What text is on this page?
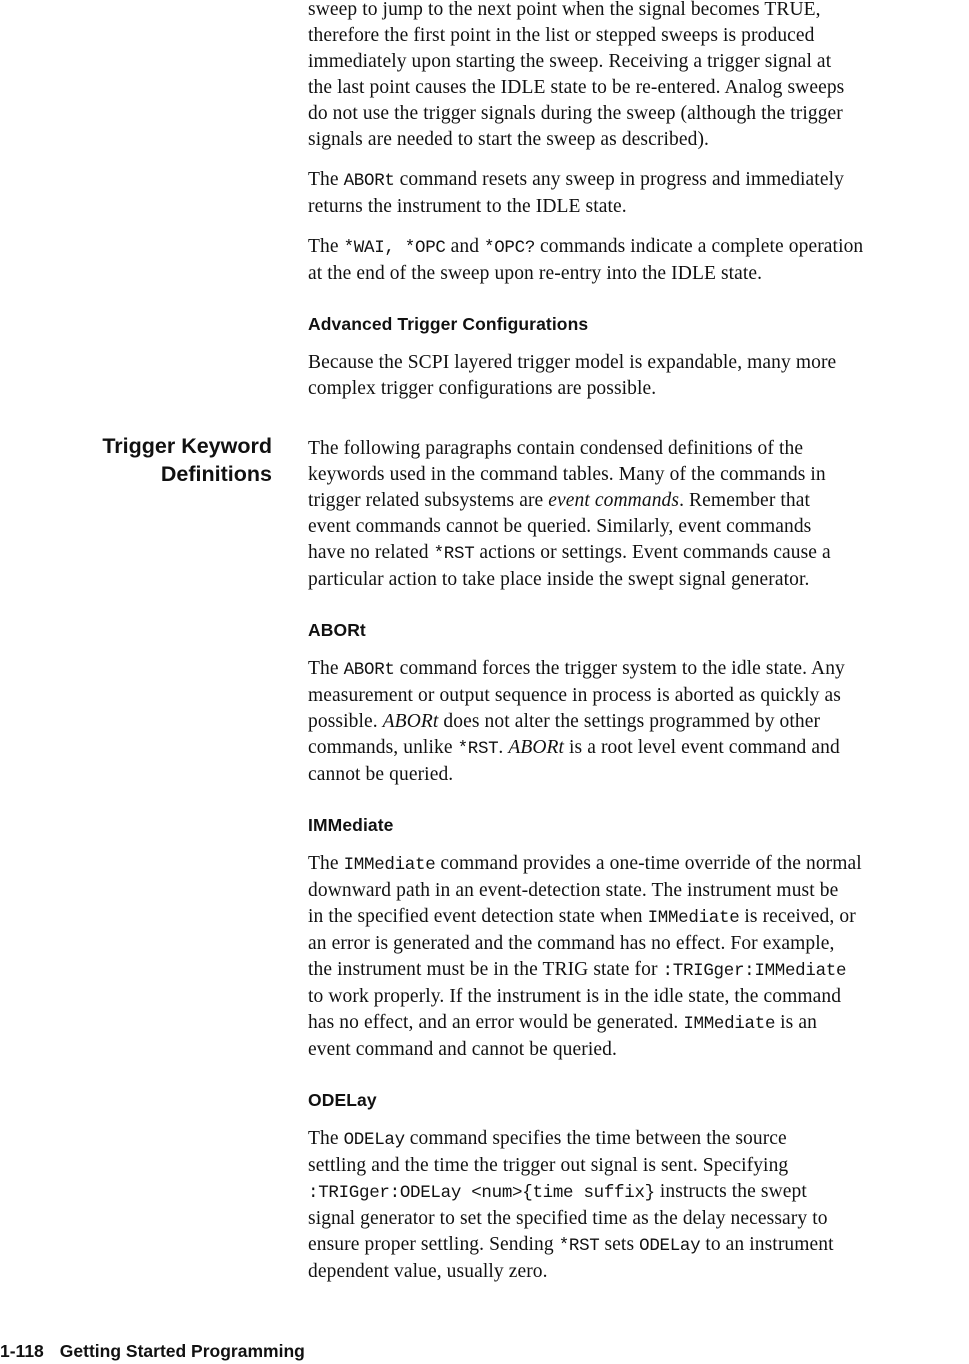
sweep to jump to the next point when the signal becomes TRUE,
therefore the first point in the list or stepped sweeps is produced
immediately upon starting the sweep. Receiving a trigger signal at
the last point causes the IDLE state to be re-entered. Analog sweeps
do not use the trigger signals during the sweep (although the trigger
signals are needed to start the sweep as described).
The ABORt command resets any sweep in progress and immediately
returns the instrument to the IDLE state.
The *WAI, *OPC and *OPC? commands indicate a complete operation
at the end of the sweep upon re-entry into the IDLE state.
Advanced Trigger Configurations
Because the SCPI layered trigger model is expandable, many more
complex trigger configurations are possible.
The following paragraphs contain condensed definitions of the
keywords used in the command tables. Many of the commands in
trigger related subsystems are event commands. Remember that
event commands cannot be queried. Similarly, event commands
have no related *RST actions or settings. Event commands cause a
particular action to take place inside the swept signal generator.
ABORt
The ABORt command forces the trigger system to the idle state. Any
measurement or output sequence in process is aborted as quickly as
possible. ABORt does not alter the settings programmed by other
commands, unlike *RST. ABORt is a root level event command and
cannot be queried.
IMMediate
The IMMediate command provides a one-time override of the normal
downward path in an event-detection state. The instrument must be
in the specified event detection state when IMMediate is received, or
an error is generated and the command has no effect. For example,
the instrument must be in the TRIG state for :TRIGger:IMMediate
to work properly. If the instrument is in the idle state, the command
has no effect, and an error would be generated. IMMediate is an
event command and cannot be queried.
ODELay
The ODELay command specifies the time between the source
settling and the time the trigger out signal is sent. Specifying
:TRIGger:ODELay <num>{time suffix} instructs the swept
signal generator to set the specified time as the delay necessary to
ensure proper settling. Sending *RST sets ODELay to an instrument
dependent value, usually zero.
Trigger Keyword
Definitions
1-118 Getting Started Programming
